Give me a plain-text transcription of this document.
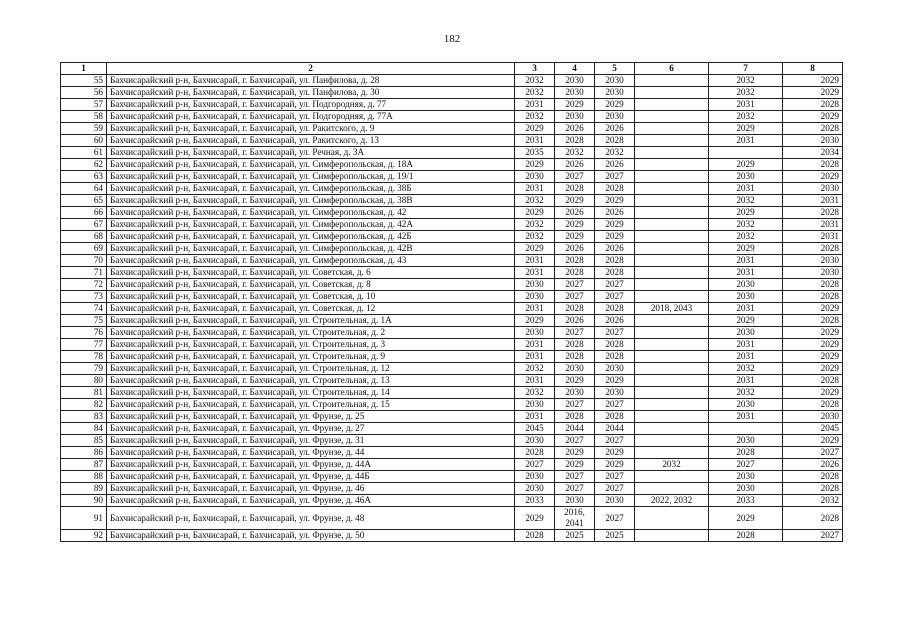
182
1	2	3	4	5	6	7	8
55	Бахчисарайский р-н, Бахчисарай, г. Бахчисарай, ул. Панфилова, д. 28	2032	2030	2030		2032	2029
56	Бахчисарайский р-н, Бахчисарай, г. Бахчисарай, ул. Панфилова, д. 30	2032	2030	2030		2032	2029
57	Бахчисарайский р-н, Бахчисарай, г. Бахчисарай, ул. Подгородняя, д. 77	2031	2029	2029		2031	2028
58	Бахчисарайский р-н, Бахчисарай, г. Бахчисарай, ул. Подгородняя, д. 77А	2032	2030	2030		2032	2029
59	Бахчисарайский р-н, Бахчисарай, г. Бахчисарай, ул. Ракитского, д. 9	2029	2026	2026		2029	2028
60	Бахчисарайский р-н, Бахчисарай, г. Бахчисарай, ул. Ракитского, д. 13	2031	2028	2028		2031	2030
61	Бахчисарайский р-н, Бахчисарай, г. Бахчисарай, ул. Речная, д. 3А	2035	2032	2032			2034
62	Бахчисарайский р-н, Бахчисарай, г. Бахчисарай, ул. Симферопольская, д. 18А	2029	2026	2026		2029	2028
63	Бахчисарайский р-н, Бахчисарай, г. Бахчисарай, ул. Симферопольская, д. 19/1	2030	2027	2027		2030	2029
64	Бахчисарайский р-н, Бахчисарай, г. Бахчисарай, ул. Симферопольская, д. 38Б	2031	2028	2028		2031	2030
65	Бахчисарайский р-н, Бахчисарай, г. Бахчисарай, ул. Симферопольская, д. 38В	2032	2029	2029		2032	2031
66	Бахчисарайский р-н, Бахчисарай, г. Бахчисарай, ул. Симферопольская, д. 42	2029	2026	2026		2029	2028
67	Бахчисарайский р-н, Бахчисарай, г. Бахчисарай, ул. Симферопольская, д. 42А	2032	2029	2029		2032	2031
68	Бахчисарайский р-н, Бахчисарай, г. Бахчисарай, ул. Симферопольская, д. 42Б	2032	2029	2029		2032	2031
69	Бахчисарайский р-н, Бахчисарай, г. Бахчисарай, ул. Симферопольская, д. 42В	2029	2026	2026		2029	2028
70	Бахчисарайский р-н, Бахчисарай, г. Бахчисарай, ул. Симферопольская, д. 43	2031	2028	2028		2031	2030
71	Бахчисарайский р-н, Бахчисарай, г. Бахчисарай, ул. Советская, д. 6	2031	2028	2028		2031	2030
72	Бахчисарайский р-н, Бахчисарай, г. Бахчисарай, ул. Советская, д. 8	2030	2027	2027		2030	2028
73	Бахчисарайский р-н, Бахчисарай, г. Бахчисарай, ул. Советская, д. 10	2030	2027	2027		2030	2028
74	Бахчисарайский р-н, Бахчисарай, г. Бахчисарай, ул. Советская, д. 12	2031	2028	2028	2018, 2043	2031	2029
75	Бахчисарайский р-н, Бахчисарай, г. Бахчисарай, ул. Строительная, д. 1А	2029	2026	2026		2029	2028
76	Бахчисарайский р-н, Бахчисарай, г. Бахчисарай, ул. Строительная, д. 2	2030	2027	2027		2030	2029
77	Бахчисарайский р-н, Бахчисарай, г. Бахчисарай, ул. Строительная, д. 3	2031	2028	2028		2031	2029
78	Бахчисарайский р-н, Бахчисарай, г. Бахчисарай, ул. Строительная, д. 9	2031	2028	2028		2031	2029
79	Бахчисарайский р-н, Бахчисарай, г. Бахчисарай, ул. Строительная, д. 12	2032	2030	2030		2032	2029
80	Бахчисарайский р-н, Бахчисарай, г. Бахчисарай, ул. Строительная, д. 13	2031	2029	2029		2031	2028
81	Бахчисарайский р-н, Бахчисарай, г. Бахчисарай, ул. Строительная, д. 14	2032	2030	2030		2032	2029
82	Бахчисарайский р-н, Бахчисарай, г. Бахчисарай, ул. Строительная, д. 15	2030	2027	2027		2030	2028
83	Бахчисарайский р-н, Бахчисарай, г. Бахчисарай, ул. Фрунзе, д. 25	2031	2028	2028		2031	2030
84	Бахчисарайский р-н, Бахчисарай, г. Бахчисарай, ул. Фрунзе, д. 27	2045	2044	2044			2045
85	Бахчисарайский р-н, Бахчисарай, г. Бахчисарай, ул. Фрунзе, д. 31	2030	2027	2027		2030	2029
86	Бахчисарайский р-н, Бахчисарай, г. Бахчисарай, ул. Фрунзе, д. 44	2028	2029	2029		2028	2027
87	Бахчисарайский р-н, Бахчисарай, г. Бахчисарай, ул. Фрунзе, д. 44А	2027	2029	2029	2032	2027	2026
88	Бахчисарайский р-н, Бахчисарай, г. Бахчисарай, ул. Фрунзе, д. 44Б	2030	2027	2027		2030	2028
89	Бахчисарайский р-н, Бахчисарай, г. Бахчисарай, ул. Фрунзе, д. 46	2030	2027	2027		2030	2028
90	Бахчисарайский р-н, Бахчисарай, г. Бахчисарай, ул. Фрунзе, д. 46А	2033	2030	2030	2022, 2032	2033	2032
91	Бахчисарайский р-н, Бахчисарай, г. Бахчисарай, ул. Фрунзе, д. 48	2029	2016, 2041	2027		2029	2028
92	Бахчисарайский р-н, Бахчисарай, г. Бахчисарай, ул. Фрунзе, д. 50	2028	2025	2025		2028	2027
